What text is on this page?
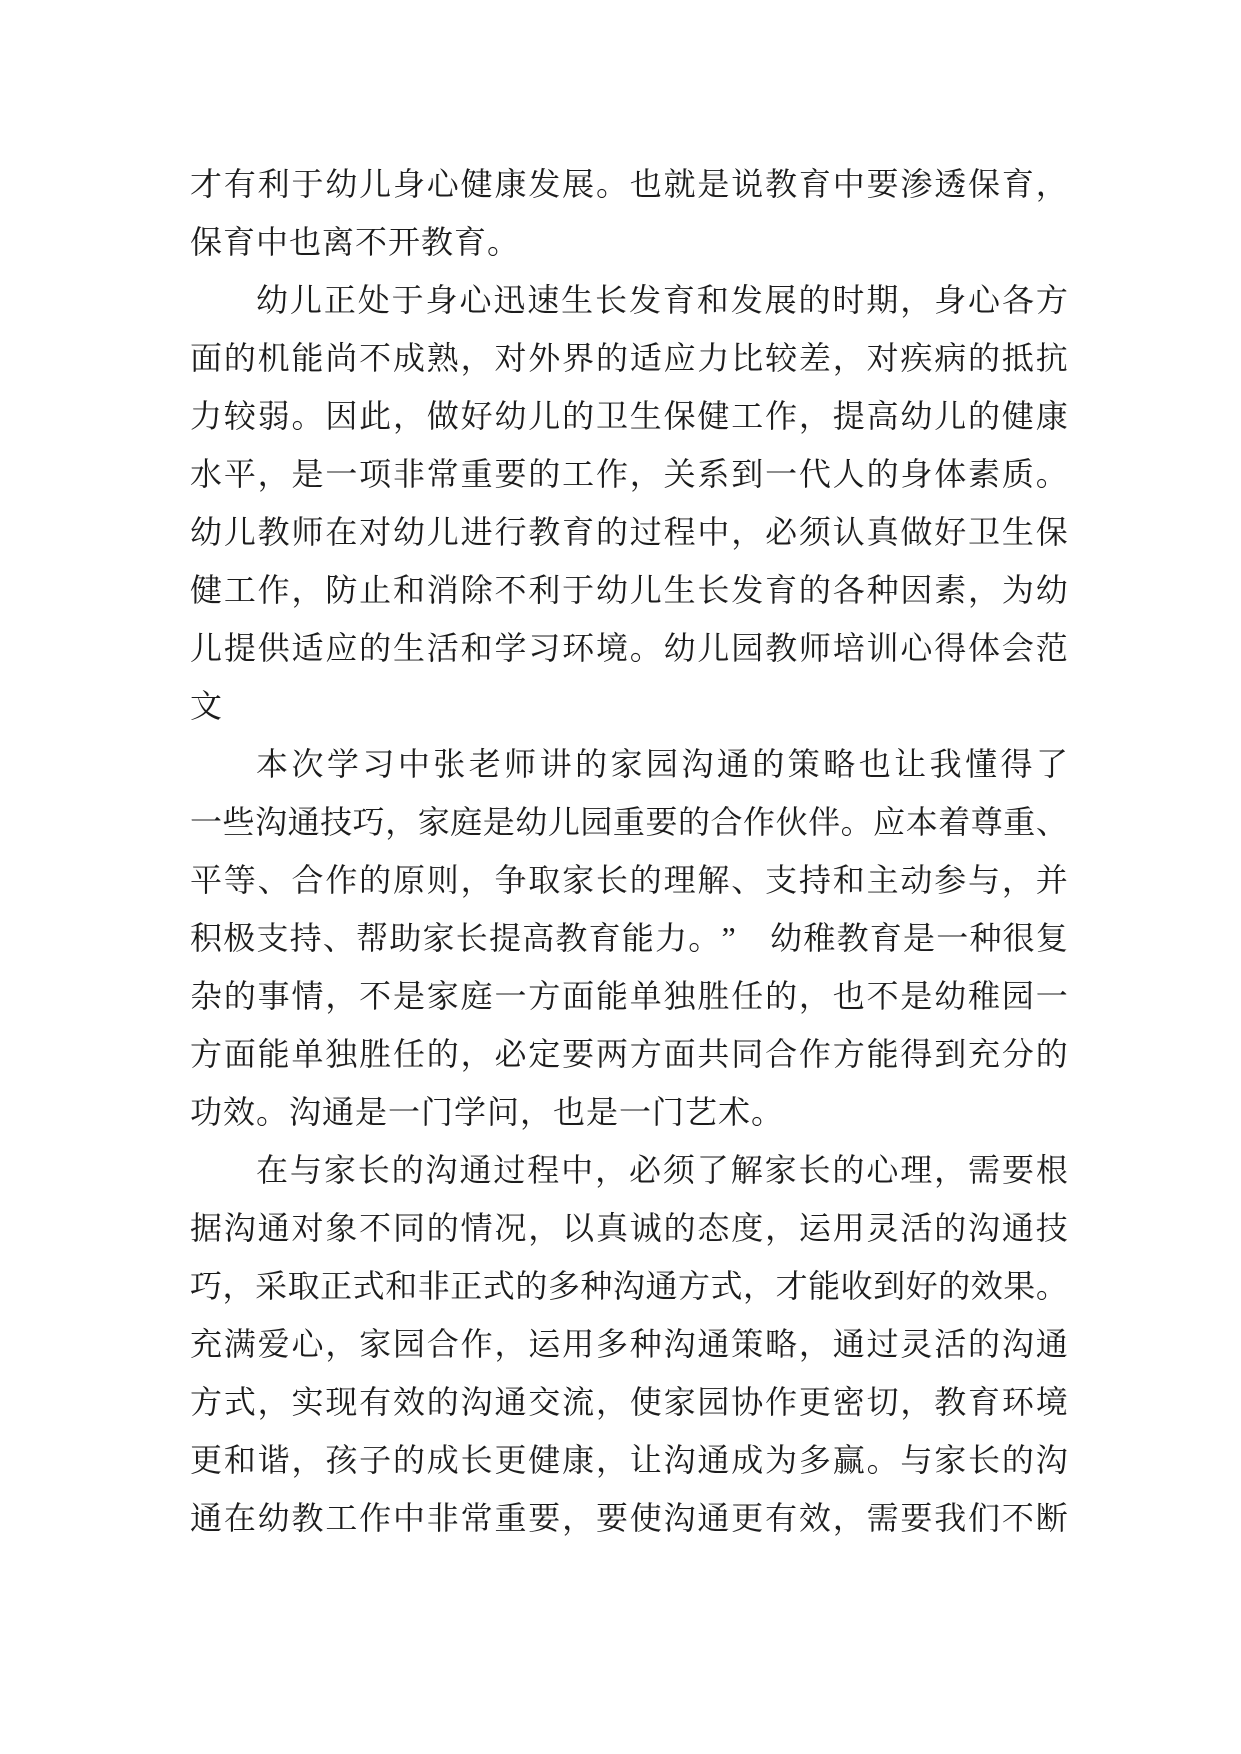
才 有 利 于 幼 儿 身 心 健 康 发 展 。 也 就 是 说 教 育 中 要 渗 透 保 育 ，
保育中也离不开教育。
幼 儿 正 处 于 身 心 迅 速 生 长 发 育 和 发 展 的 时 期 ， 身 心 各 方
面 的 机 能 尚 不 成 熟 ， 对 外 界 的 适 应 力 比 较 差 ， 对 疾 病 的 抵 抗
力 较 弱 。 因 此 ， 做 好 幼 儿 的 卫 生 保 健 工 作 ， 提 高 幼 儿 的 健 康
水 平 ， 是 一 项 非 常 重 要 的 工 作 ， 关 系 到 一 代 人 的 身 体 素 质 。
幼 儿 教 师 在 对 幼 儿 进 行 教 育 的 过 程 中 ， 必 须 认 真 做 好 卫 生 保
健 工 作 ， 防 止 和 消 除 不 利 于 幼 儿 生 长 发 育 的 各 种 因 素 ， 为 幼
儿 提 供 适 应 的 生 活 和 学 习 环 境 。 幼 儿 园 教 师 培 训 心 得 体 会 范
文
本 次 学 习 中 张 老 师 讲 的 家 园 沟 通 的 策 略 也 让 我 懂 得 了
一 些 沟 通 技 巧 ， 家 庭 是 幼 儿 园 重 要 的 合 作 伙 伴 。 应 本 着 尊 重 、
平 等 、 合 作 的 原 则 ， 争 取 家 长 的 理 解 、 支 持 和 主 动 参 与 ， 并
积 极 支 持 、 帮 助 家 长 提 高 教 育 能 力 。 ”
　 幼 稚 教 育 是 一 种 很 复
杂 的 事 情 ， 不 是 家 庭 一 方 面 能 单 独 胜 任 的 ， 也 不 是 幼 稚 园 一
方 面 能 单 独 胜 任 的 ， 必 定 要 两 方 面 共 同 合 作 方 能 得 到 充 分 的
功效。沟通是一门学问，也是一门艺术。
在 与 家 长 的 沟 通 过 程 中 ， 必 须 了 解 家 长 的 心 理 ， 需 要 根
据 沟 通 对 象 不 同 的 情 况 ， 以 真 诚 的 态 度 ， 运 用 灵 活 的 沟 通 技
巧 ， 采 取 正 式 和 非 正 式 的 多 种 沟 通 方 式 ， 才 能 收 到 好 的 效 果 。
充 满 爱 心 ， 家 园 合 作 ， 运 用 多 种 沟 通 策 略 ， 通 过 灵 活 的 沟 通
方 式 ， 实 现 有 效 的 沟 通 交 流 ， 使 家 园 协 作 更 密 切 ， 教 育 环 境
更 和 谐 ， 孩 子 的 成 长 更 健 康 ， 让 沟 通 成 为 多 赢 。 与 家 长 的 沟
通 在 幼 教 工 作 中 非 常 重 要 ， 要 使 沟 通 更 有 效 ， 需 要 我 们 不 断
